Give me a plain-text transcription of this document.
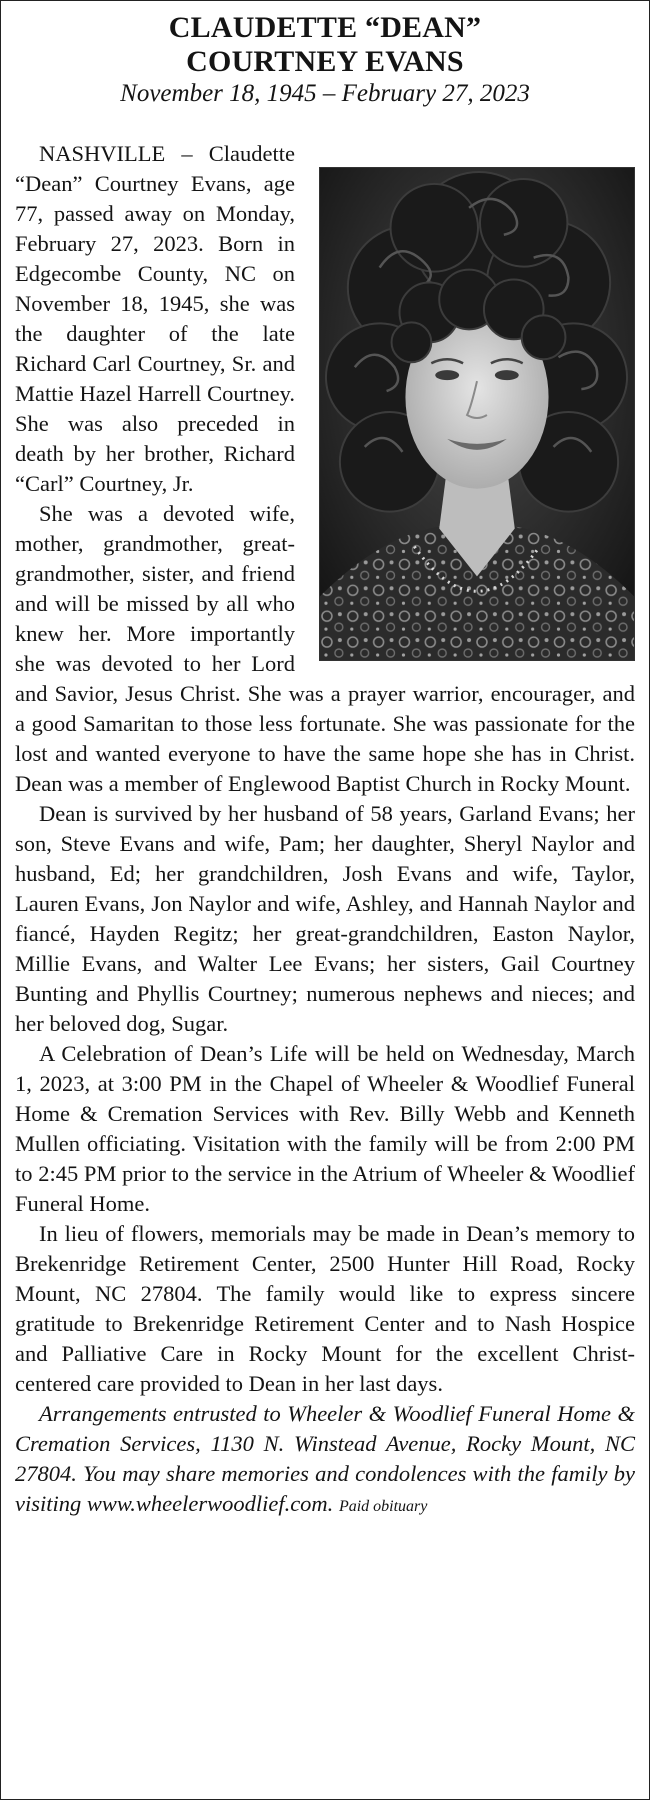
CLAUDETTE “DEAN”
COURTNEY EVANS
November 18, 1945 – February 27, 2023

NASHVILLE – Claudette “Dean” Courtney Evans, age 77, passed away on Monday, February 27, 2023. Born in Edgecombe County, NC on November 18, 1945, she was the daughter of the late Richard Carl Courtney, Sr. and Mattie Hazel Harrell Courtney. She was also preceded in death by her brother, Richard “Carl” Courtney, Jr.

She was a devoted wife, mother, grandmother, great-grandmother, sister, and friend and will be missed by all who knew her. More importantly she was devoted to her Lord and Savior, Jesus Christ. She was a prayer warrior, encourager, and a good Samaritan to those less fortunate. She was passionate for the lost and wanted everyone to have the same hope she has in Christ. Dean was a member of Englewood Baptist Church in Rocky Mount.

Dean is survived by her husband of 58 years, Garland Evans; her son, Steve Evans and wife, Pam; her daughter, Sheryl Naylor and husband, Ed; her grandchildren, Josh Evans and wife, Taylor, Lauren Evans, Jon Naylor and wife, Ashley, and Hannah Naylor and fiancé, Hayden Regitz; her great-grandchildren, Easton Naylor, Millie Evans, and Walter Lee Evans; her sisters, Gail Courtney Bunting and Phyllis Courtney; numerous nephews and nieces; and her beloved dog, Sugar.

A Celebration of Dean’s Life will be held on Wednesday, March 1, 2023, at 3:00 PM in the Chapel of Wheeler & Woodlief Funeral Home & Cremation Services with Rev. Billy Webb and Kenneth Mullen officiating. Visitation with the family will be from 2:00 PM to 2:45 PM prior to the service in the Atrium of Wheeler & Woodlief Funeral Home.

In lieu of flowers, memorials may be made in Dean’s memory to Brekenridge Retirement Center, 2500 Hunter Hill Road, Rocky Mount, NC 27804. The family would like to express sincere gratitude to Brekenridge Retirement Center and to Nash Hospice and Palliative Care in Rocky Mount for the excellent Christ-centered care provided to Dean in her last days.

Arrangements entrusted to Wheeler & Woodlief Funeral Home & Cremation Services, 1130 N. Winstead Avenue, Rocky Mount, NC 27804. You may share memories and condolences with the family by visiting www.wheelerwoodlief.com. Paid obituary
